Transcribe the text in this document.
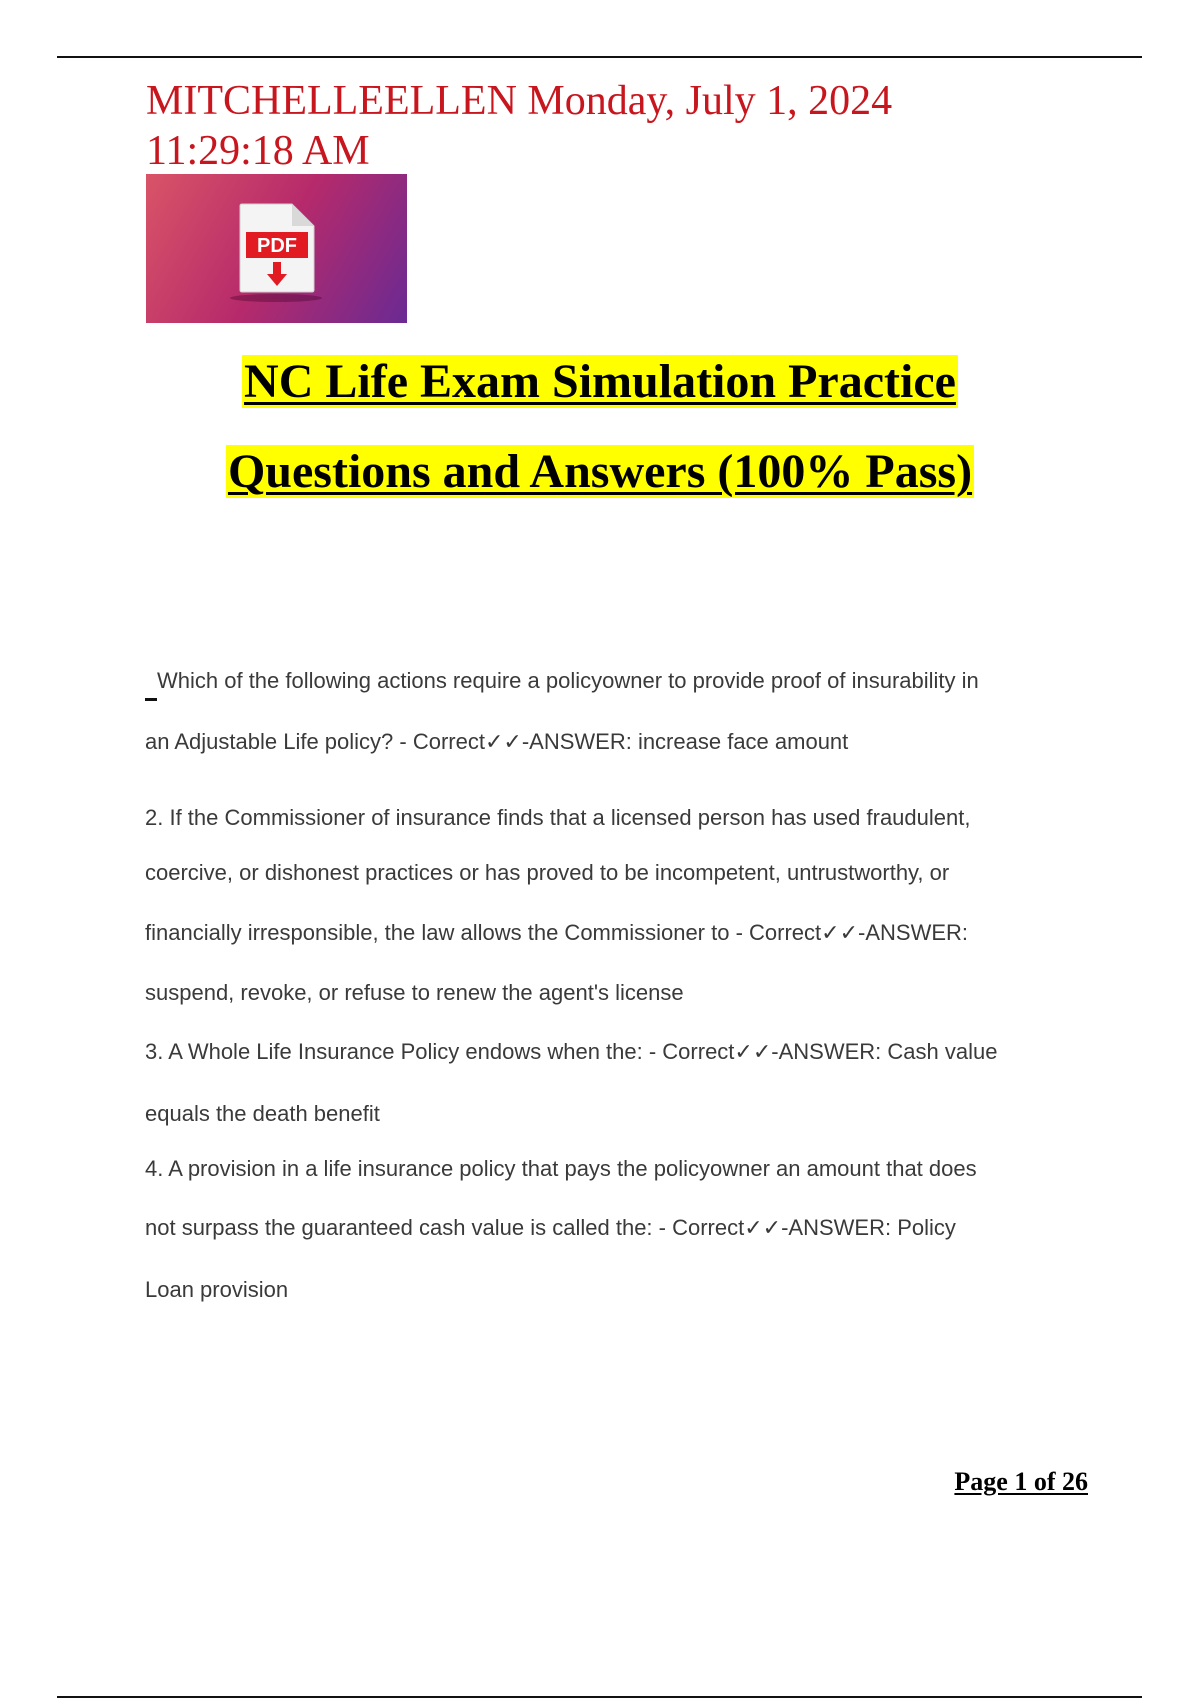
MITCHELLEELLEN Monday, July 1, 2024
11:29:18 AM
PDF
NC Life Exam Simulation Practice
Questions and Answers (100% Pass)
Which of the following actions require a policyowner to provide proof of insurability in
an Adjustable Life policy? - Correct✓✓-ANSWER: increase face amount
2. If the Commissioner of insurance finds that a licensed person has used fraudulent,
coercive, or dishonest practices or has proved to be incompetent, untrustworthy, or
financially irresponsible, the law allows the Commissioner to - Correct✓✓-ANSWER:
suspend, revoke, or refuse to renew the agent's license
3. A Whole Life Insurance Policy endows when the: - Correct✓✓-ANSWER: Cash value
equals the death benefit
4. A provision in a life insurance policy that pays the policyowner an amount that does
not surpass the guaranteed cash value is called the: - Correct✓✓-ANSWER: Policy
Loan provision
Page 1 of 26
